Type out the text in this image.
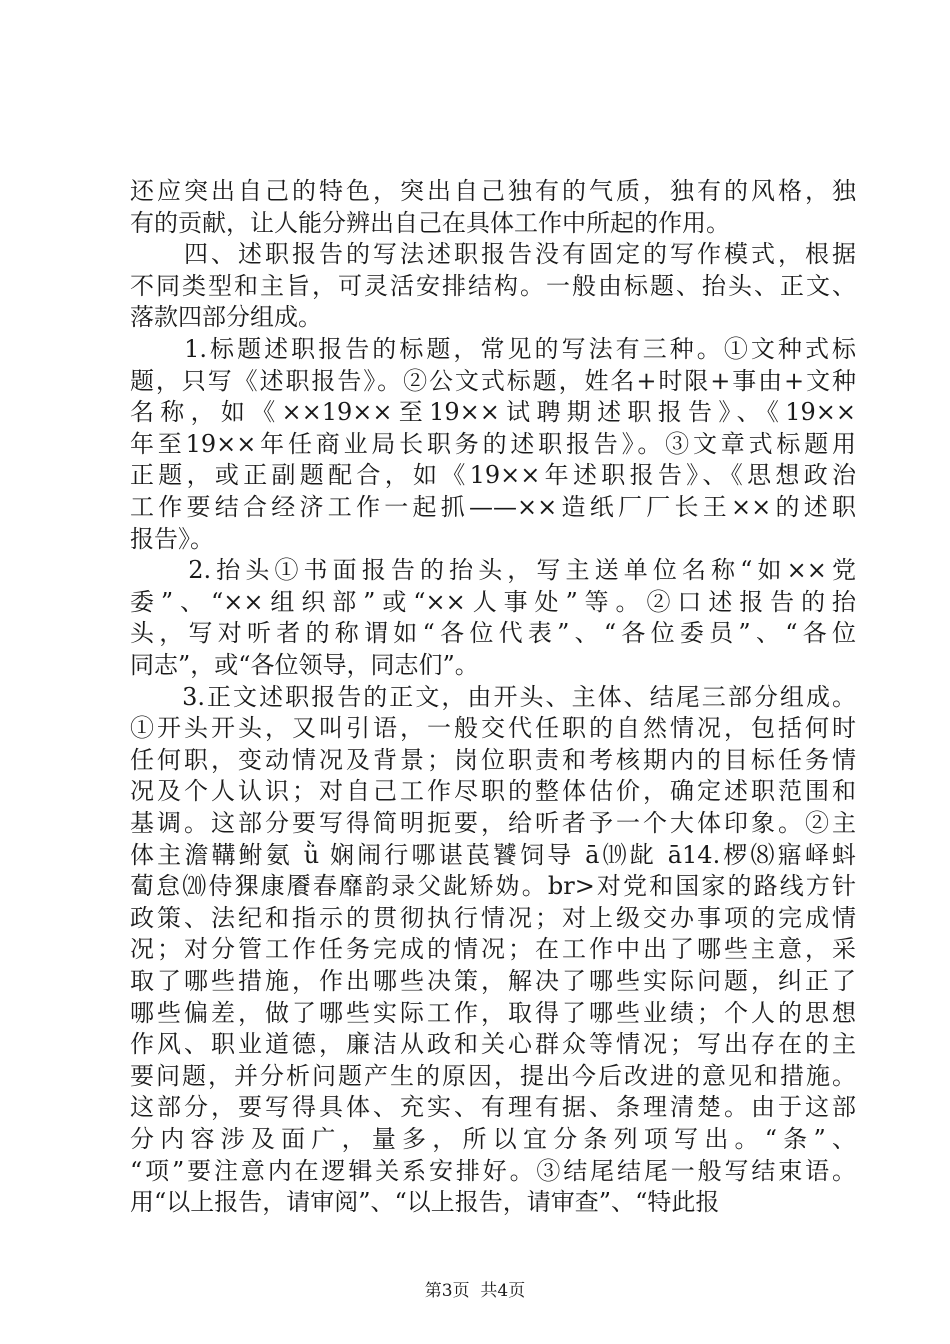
还应突出自己的特色，突出自己独有的气质，独有的风格，独
有的贡献，让人能分辨出自己在具体工作中所起的作用。
　　四、述职报告的写法述职报告没有固定的写作模式，根据
不同类型和主旨，可灵活安排结构。一般由标题、抬头、正文、
落款四部分组成。
　　1.标题述职报告的标题，常见的写法有三种。①文种式标
题，只写《述职报告》。②公文式标题，姓名+时限+事由+文种
名称，如《××19××至19××试聘期述职报告》、《19××
年至19××年任商业局长职务的述职报告》。③文章式标题用
正题，或正副题配合，如《19××年述职报告》、《思想政治
工作要结合经济工作一起抓——××造纸厂厂长王××的述职
报告》。
　　2.抬头①书面报告的抬头，写主送单位名称“如××党
委”、“××组织部”或“××人事处”等。②口述报告的抬
头，写对听者的称谓如“各位代表”、“各位委员”、“各位
同志”，或“各位领导，同志们”。
　　3.正文述职报告的正文，由开头、主体、结尾三部分组成。
①开头开头，又叫引语，一般交代任职的自然情况，包括何时
任何职，变动情况及背景；岗位职责和考核期内的目标任务情
况及个人认识；对自己工作尽职的整体估价，确定述职范围和
基调。这部分要写得简明扼要，给听者予一个大体印象。②主
体主澹鞲鲋氨 ǜ 娴闹行哪谌苠饕饲导 ā⒆龀 ā14.椤⑻寤峄蚪
蔔怠⒇侍猓康餍春靡韵录父龀矫妫。br>对党和国家的路线方针
政策、法纪和指示的贯彻执行情况；对上级交办事项的完成情
况；对分管工作任务完成的情况；在工作中出了哪些主意，采
取了哪些措施，作出哪些决策，解决了哪些实际问题，纠正了
哪些偏差，做了哪些实际工作，取得了哪些业绩；个人的思想
作风、职业道德，廉洁从政和关心群众等情况；写出存在的主
要问题，并分析问题产生的原因，提出今后改进的意见和措施。
这部分，要写得具体、充实、有理有据、条理清楚。由于这部
分内容涉及面广，量多，所以宜分条列项写出。“条”、
“项”要注意内在逻辑关系安排好。③结尾结尾一般写结束语。
用“以上报告，请审阅”、“以上报告，请审查”、“特此报
第3页  共4页
